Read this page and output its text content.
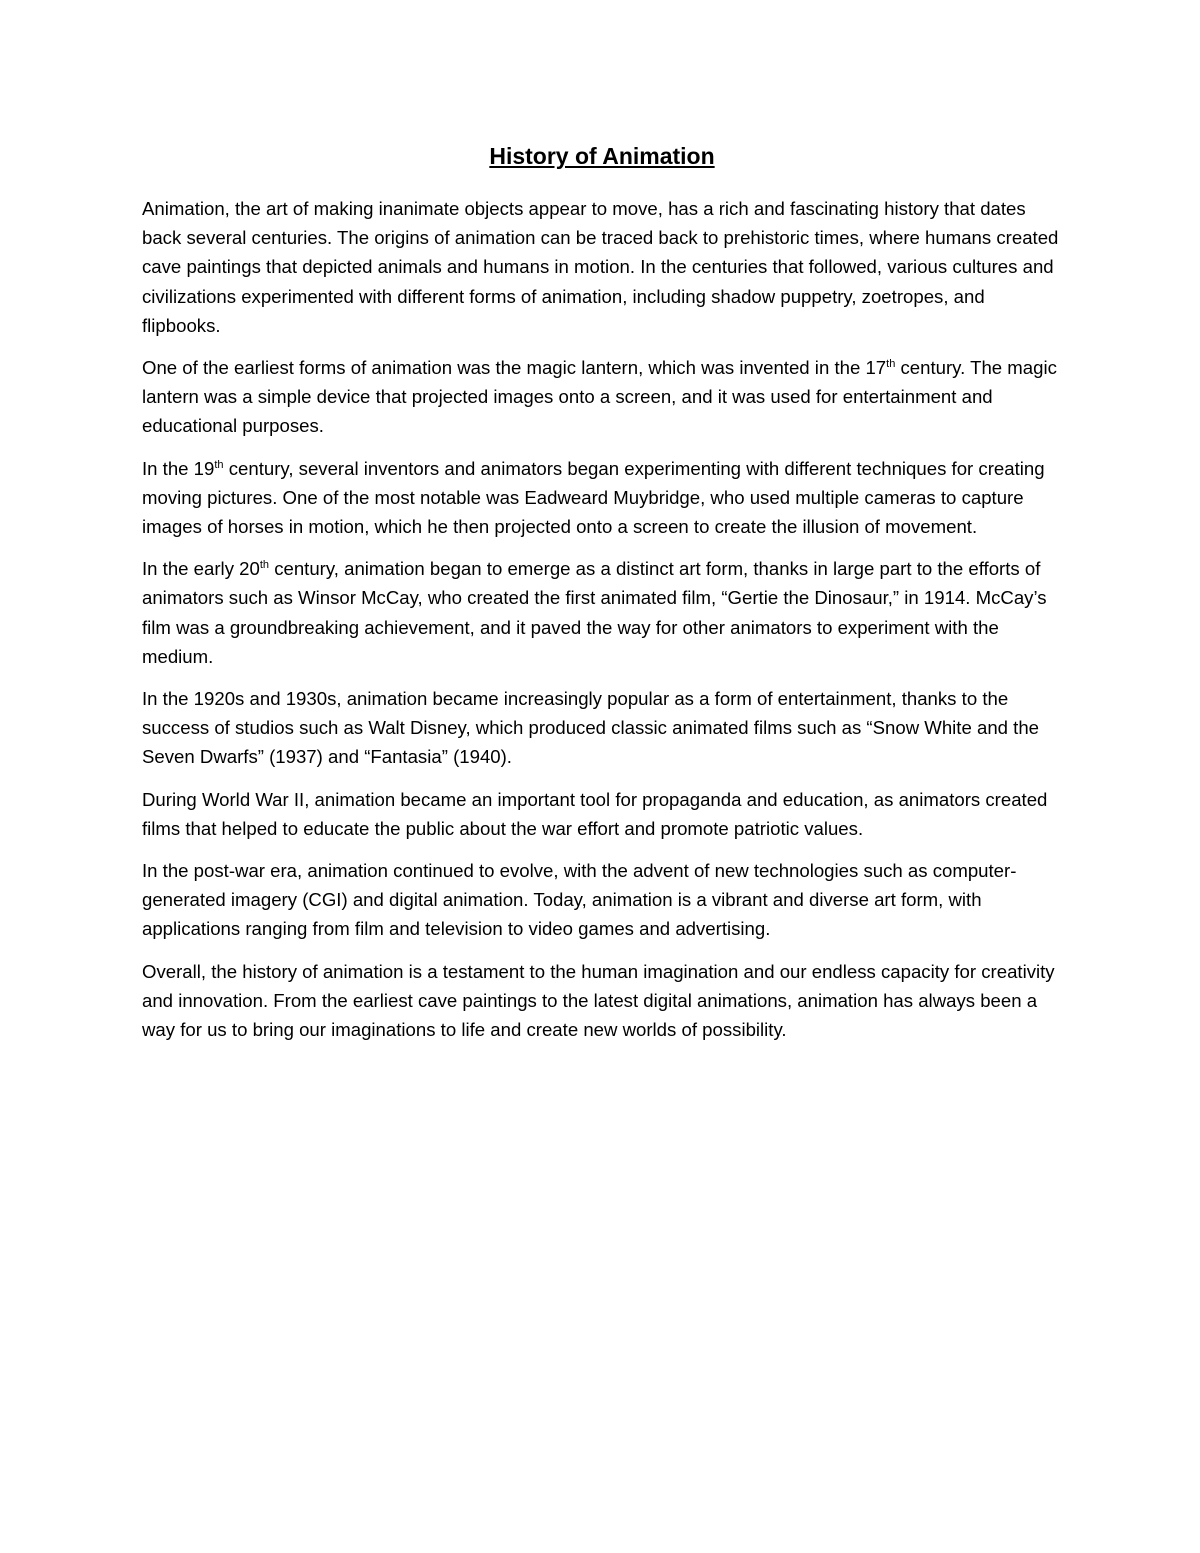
History of Animation

Animation, the art of making inanimate objects appear to move, has a rich and fascinating history that dates back several centuries. The origins of animation can be traced back to prehistoric times, where humans created cave paintings that depicted animals and humans in motion. In the centuries that followed, various cultures and civilizations experimented with different forms of animation, including shadow puppetry, zoetropes, and flipbooks.

One of the earliest forms of animation was the magic lantern, which was invented in the 17th century. The magic lantern was a simple device that projected images onto a screen, and it was used for entertainment and educational purposes.

In the 19th century, several inventors and animators began experimenting with different techniques for creating moving pictures. One of the most notable was Eadweard Muybridge, who used multiple cameras to capture images of horses in motion, which he then projected onto a screen to create the illusion of movement.

In the early 20th century, animation began to emerge as a distinct art form, thanks in large part to the efforts of animators such as Winsor McCay, who created the first animated film, “Gertie the Dinosaur,” in 1914. McCay’s film was a groundbreaking achievement, and it paved the way for other animators to experiment with the medium.

In the 1920s and 1930s, animation became increasingly popular as a form of entertainment, thanks to the success of studios such as Walt Disney, which produced classic animated films such as “Snow White and the Seven Dwarfs” (1937) and “Fantasia” (1940).

During World War II, animation became an important tool for propaganda and education, as animators created films that helped to educate the public about the war effort and promote patriotic values.

In the post-war era, animation continued to evolve, with the advent of new technologies such as computer-generated imagery (CGI) and digital animation. Today, animation is a vibrant and diverse art form, with applications ranging from film and television to video games and advertising.

Overall, the history of animation is a testament to the human imagination and our endless capacity for creativity and innovation. From the earliest cave paintings to the latest digital animations, animation has always been a way for us to bring our imaginations to life and create new worlds of possibility.
